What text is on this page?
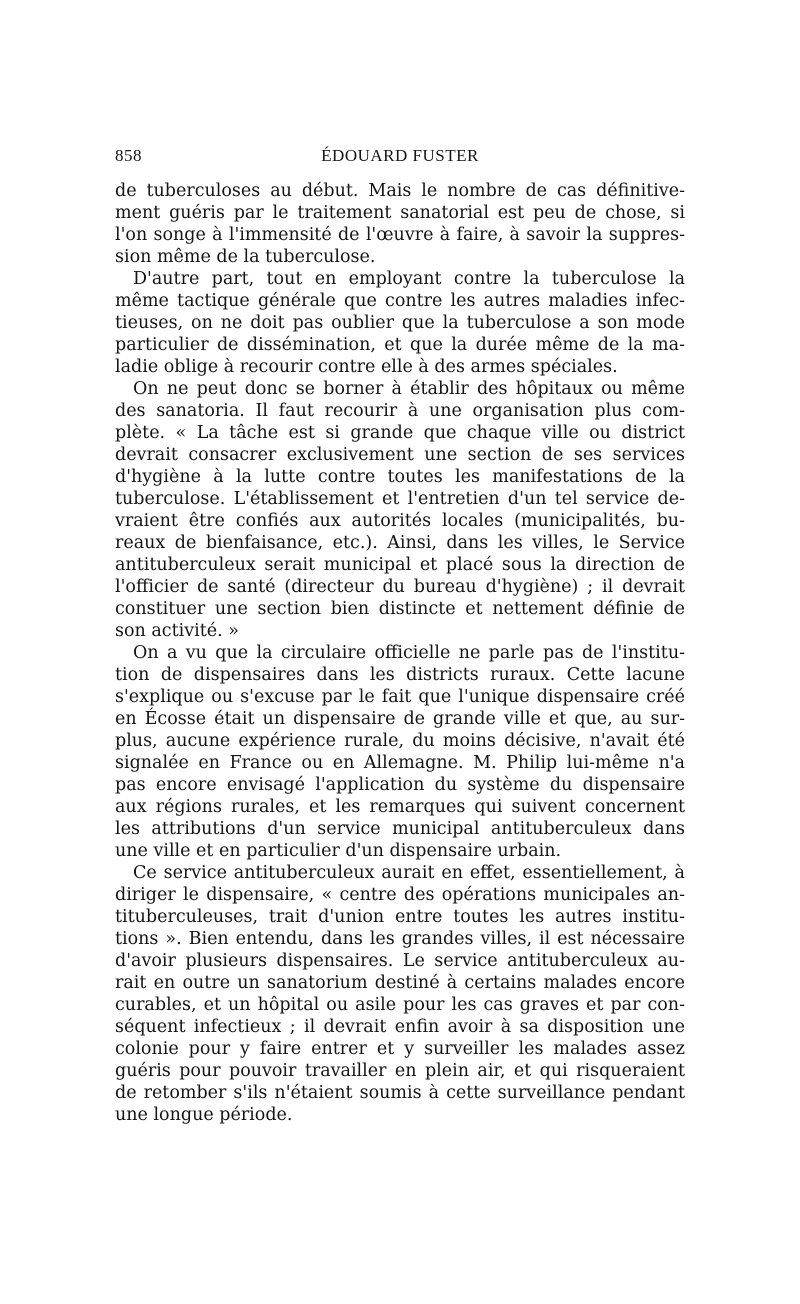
858	ÉDOUARD FUSTER
de tuberculoses au début. Mais le nombre de cas définitive-
ment guéris par le traitement sanatorial est peu de chose, si
l'on songe à l'immensité de l'œuvre à faire, à savoir la suppres-
sion même de la tuberculose.
D'autre part, tout en employant contre la tuberculose la
même tactique générale que contre les autres maladies infec-
tieuses, on ne doit pas oublier que la tuberculose a son mode
particulier de dissémination, et que la durée même de la ma-
ladie oblige à recourir contre elle à des armes spéciales.
On ne peut donc se borner à établir des hôpitaux ou même
des sanatoria. Il faut recourir à une organisation plus com-
plète. « La tâche est si grande que chaque ville ou district
devrait consacrer exclusivement une section de ses services
d'hygiène à la lutte contre toutes les manifestations de la
tuberculose. L'établissement et l'entretien d'un tel service de-
vraient être confiés aux autorités locales (municipalités, bu-
reaux de bienfaisance, etc.). Ainsi, dans les villes, le Service
antituberculeux serait municipal et placé sous la direction de
l'officier de santé (directeur du bureau d'hygiène) ; il devrait
constituer une section bien distincte et nettement définie de
son activité. »
On a vu que la circulaire officielle ne parle pas de l'institu-
tion de dispensaires dans les districts ruraux. Cette lacune
s'explique ou s'excuse par le fait que l'unique dispensaire créé
en Écosse était un dispensaire de grande ville et que, au sur-
plus, aucune expérience rurale, du moins décisive, n'avait été
signalée en France ou en Allemagne. M. Philip lui-même n'a
pas encore envisagé l'application du système du dispensaire
aux régions rurales, et les remarques qui suivent concernent
les attributions d'un service municipal antituberculeux dans
une ville et en particulier d'un dispensaire urbain.
Ce service antituberculeux aurait en effet, essentiellement, à
diriger le dispensaire, « centre des opérations municipales an-
tituberculeuses, trait d'union entre toutes les autres institu-
tions ». Bien entendu, dans les grandes villes, il est nécessaire
d'avoir plusieurs dispensaires. Le service antituberculeux au-
rait en outre un sanatorium destiné à certains malades encore
curables, et un hôpital ou asile pour les cas graves et par con-
séquent infectieux ; il devrait enfin avoir à sa disposition une
colonie pour y faire entrer et y surveiller les malades assez
guéris pour pouvoir travailler en plein air, et qui risqueraient
de retomber s'ils n'étaient soumis à cette surveillance pendant
une longue période.
